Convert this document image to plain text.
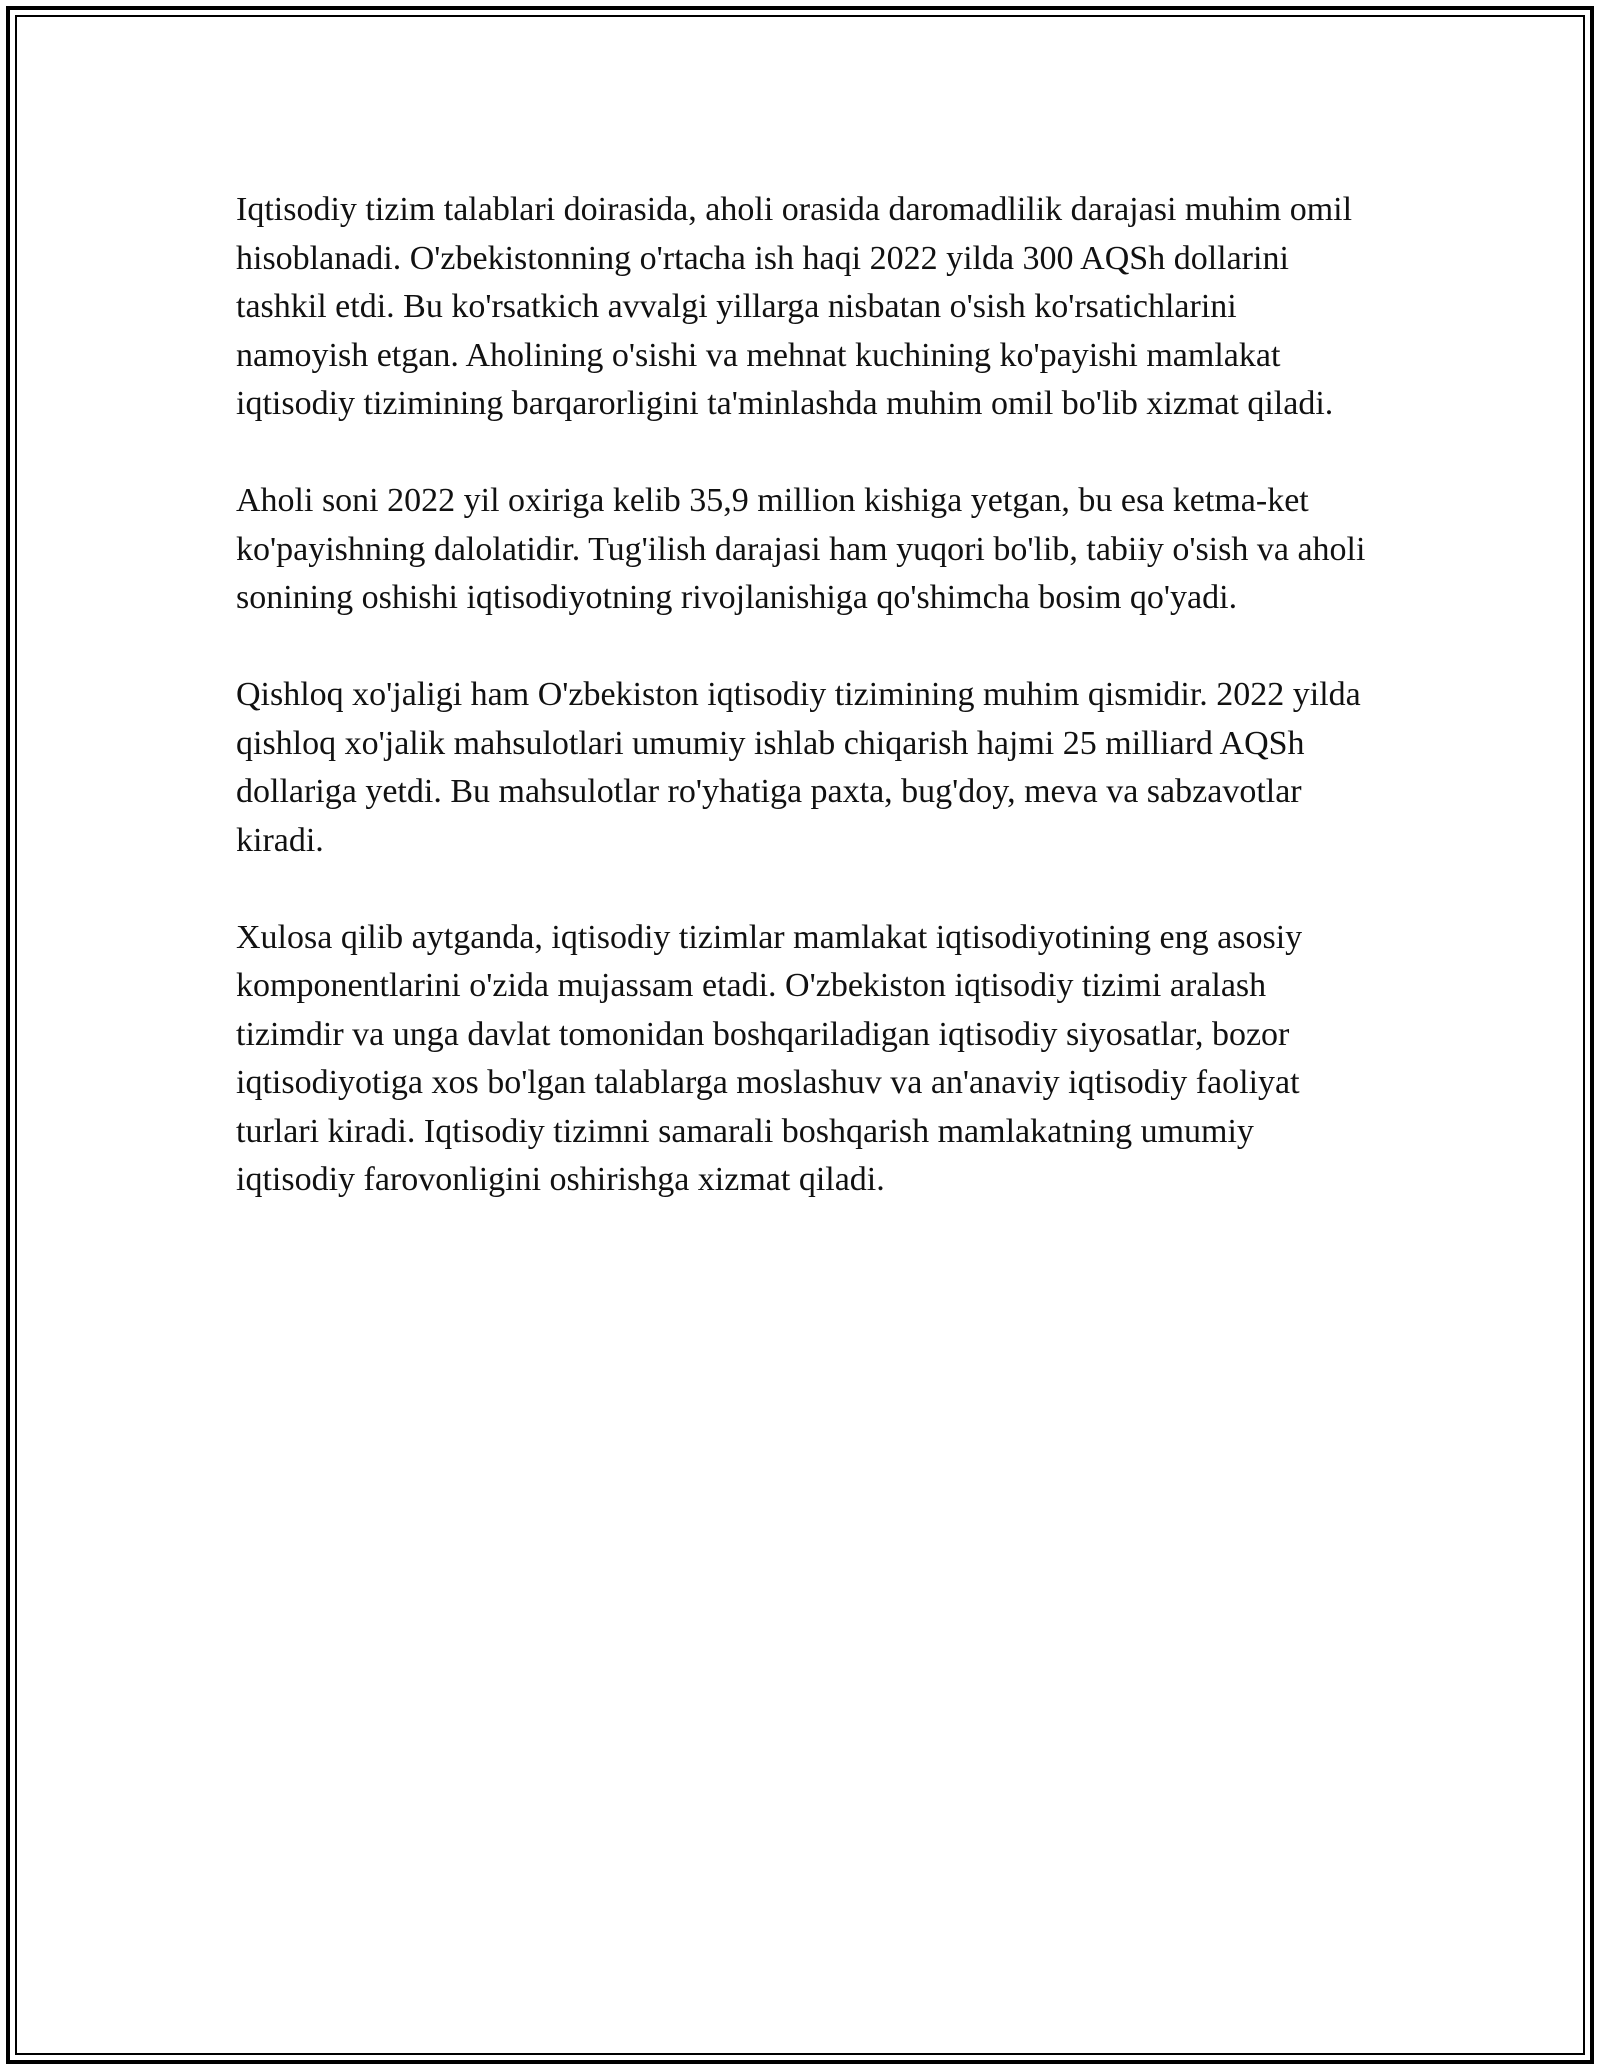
Iqtisodiy tizim talablari doirasida, aholi orasida daromadlilik darajasi muhim omil hisoblanadi. O'zbekistonning o'rtacha ish haqi 2022 yilda 300 AQSh dollarini tashkil etdi. Bu ko'rsatkich avvalgi yillarga nisbatan o'sish ko'rsatichlarini namoyish etgan. Aholining o'sishi va mehnat kuchining ko'payishi mamlakat iqtisodiy tizimining barqarorligini ta'minlashda muhim omil bo'lib xizmat qiladi.

Aholi soni 2022 yil oxiriga kelib 35,9 million kishiga yetgan, bu esa ketma-ket ko'payishning dalolatidir. Tug'ilish darajasi ham yuqori bo'lib, tabiiy o'sish va aholi sonining oshishi iqtisodiyotning rivojlanishiga qo'shimcha bosim qo'yadi.

Qishloq xo'jaligi ham O'zbekiston iqtisodiy tizimining muhim qismidir. 2022 yilda qishloq xo'jalik mahsulotlari umumiy ishlab chiqarish hajmi 25 milliard AQSh dollariga yetdi. Bu mahsulotlar ro'yhatiga paxta, bug'doy, meva va sabzavotlar kiradi.

Xulosa qilib aytganda, iqtisodiy tizimlar mamlakat iqtisodiyotining eng asosiy komponentlarini o'zida mujassam etadi. O'zbekiston iqtisodiy tizimi aralash tizimdir va unga davlat tomonidan boshqariladigan iqtisodiy siyosatlar, bozor iqtisodiyotiga xos bo'lgan talablarga moslashuv va an'anaviy iqtisodiy faoliyat turlari kiradi. Iqtisodiy tizimni samarali boshqarish mamlakatning umumiy iqtisodiy farovonligini oshirishga xizmat qiladi.
